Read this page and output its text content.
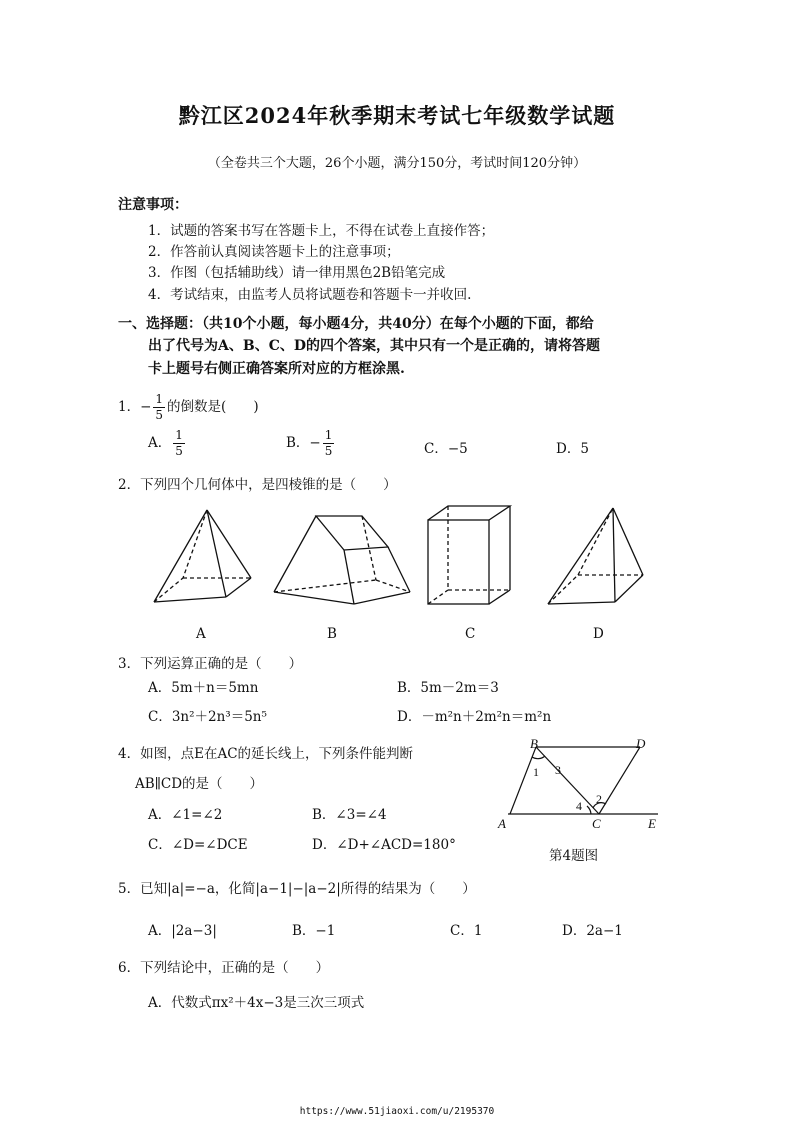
黔江区2024年秋季期末考试七年级数学试题
（全卷共三个大题，26个小题，满分150分，考试时间120分钟）
注意事项：
1．试题的答案书写在答题卡上，不得在试卷上直接作答；
2．作答前认真阅读答题卡上的注意事项；
3．作图（包括辅助线）请一律用黑色2B铅笔完成
4．考试结束，由监考人员将试题卷和答题卡一并收回.
一、选择题：（共10个小题，每小题4分，共40分）在每个小题的下面，都给
出了代号为A、B、C、D的四个答案，其中只有一个是正确的，请将答题
卡上题号右侧正确答案所对应的方框涂黑.
1．− $\frac{1}{5}$ 的倒数是(　　)
A． $\frac{1}{5}$	B．− $\frac{1}{5}$	C．−5	D．5
2．下列四个几何体中，是四棱锥的是（　　）
A	B	C	D
3．下列运算正确的是（　　）
A．5m＋n＝5mn	B．5m－2m＝3
C．3n²＋2n³＝5n⁵	D．－m²n＋2m²n＝m²n
4．如图，点E在AC的延长线上，下列条件能判断
AB∥CD的是（　　）
A．∠1=∠2	B．∠3=∠4
C．∠D=∠DCE	D．∠D+∠ACD=180°
B	D
A	C	E
1 3
4 2
第4题图
5．已知|a|=−a，化简|a−1|−|a−2|所得的结果为（　　）
A．|2a−3|	B．−1	C．1	D．2a−1
6．下列结论中，正确的是（　　）
A．代数式πx²＋4x−3是三次三项式
https://www.51jiaoxi.com/u/2195370
